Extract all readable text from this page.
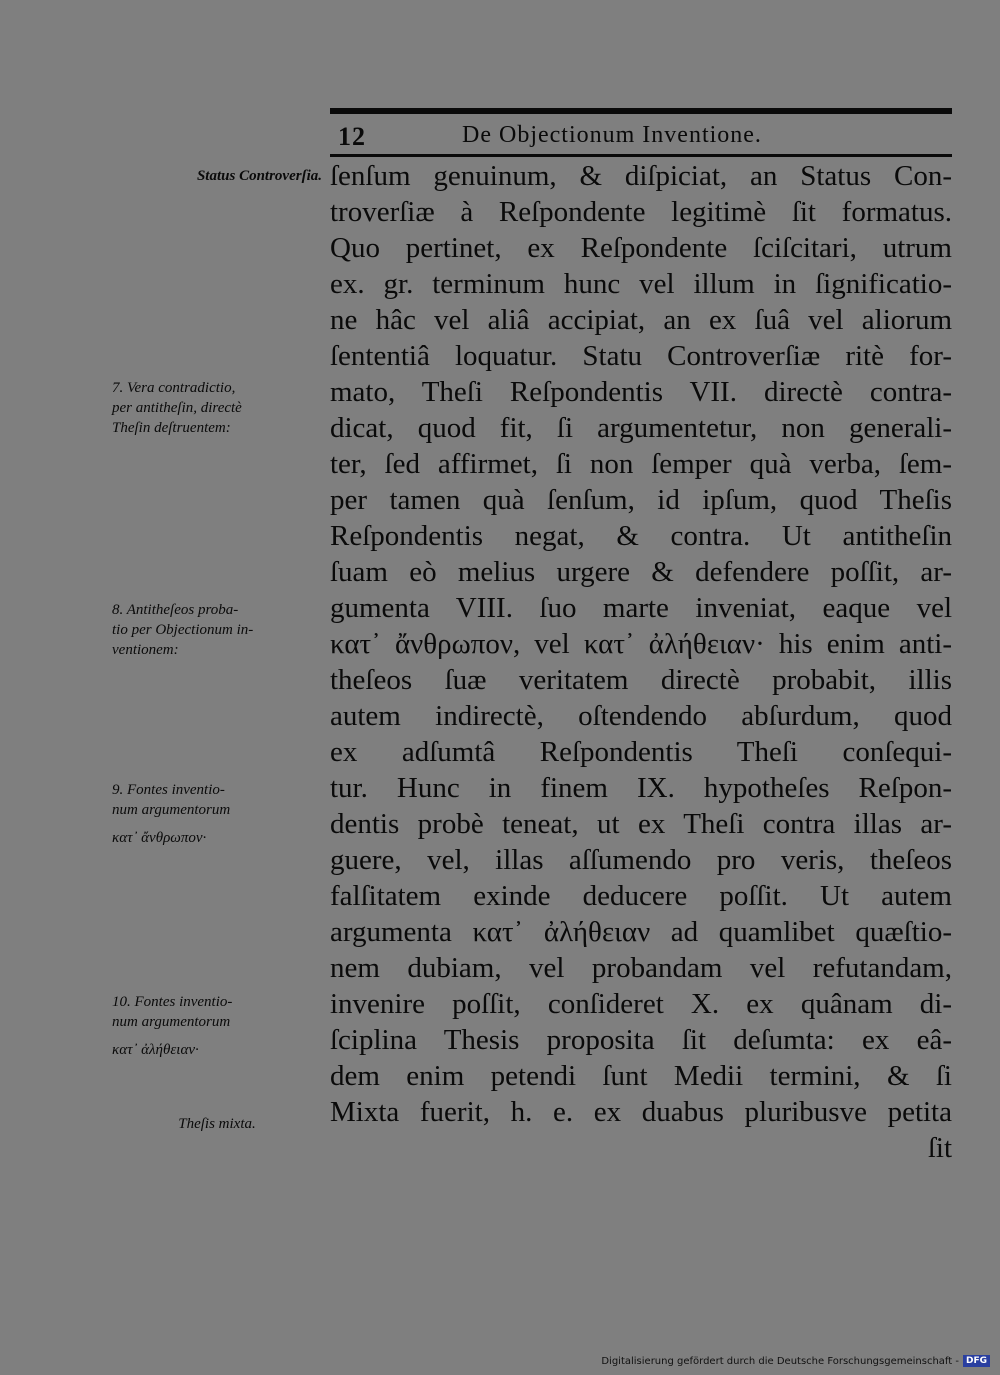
12	De Objectionum Inventione.
ſenſum genuinum, & diſpiciat, an Status Con-
troverſiæ à Reſpondente legitimè ſit formatus.
Quo pertinet, ex Reſpondente ſciſcitari, utrum
ex. gr. terminum hunc vel illum in ſignificatio-
ne hâc vel aliâ accipiat, an ex ſuâ vel aliorum
ſententiâ loquatur. Statu Controverſiæ ritè for-
mato, Theſi Reſpondentis VII. directè contra-
dicat, quod fit, ſi argumentetur, non generali-
ter, ſed affirmet, ſi non ſemper quà verba, ſem-
per tamen quà ſenſum, id ipſum, quod Theſis
Reſpondentis negat, & contra. Ut antitheſin
ſuam eò melius urgere & defendere poſſit, ar-
gumenta VIII. ſuo marte inveniat, eaque vel
κατ᾽ ἄνθρωπον, vel κατ᾽ ἀλήθειαν· his enim anti-
theſeos ſuæ veritatem directè probabit, illis
autem indirectè, oſtendendo abſurdum, quod
ex adſumtâ Reſpondentis Theſi conſequi-
tur. Hunc in finem IX. hypotheſes Reſpon-
dentis probè teneat, ut ex Theſi contra illas ar-
guere, vel, illas aſſumendo pro veris, theſeos
falſitatem exinde deducere poſſit. Ut autem
argumenta κατ᾽ ἀλήθειαν ad quamlibet quæſtio-
nem dubiam, vel probandam vel refutandam,
invenire poſſit, conſideret X. ex quânam di-
ſciplina Thesis proposita ſit deſumta: ex eâ-
dem enim petendi ſunt Medii termini, & ſi
Mixta fuerit, h. e. ex duabus pluribusve petita
ſit
Status Controverſia.
7. Vera contradictio,
per antitheſin, directè
Theſin deſtruentem:
8. Antitheſeos proba-
tio per Objectionum in-
ventionem:
9. Fontes inventio-
num argumentorum
κατ᾽ ἄνθρωπον·
10. Fontes inventio-
num argumentorum
κατ᾽ ἀλήθειαν·
Theſis mixta.
Digitalisierung gefördert durch die Deutsche Forschungsgemeinschaft - DFG
